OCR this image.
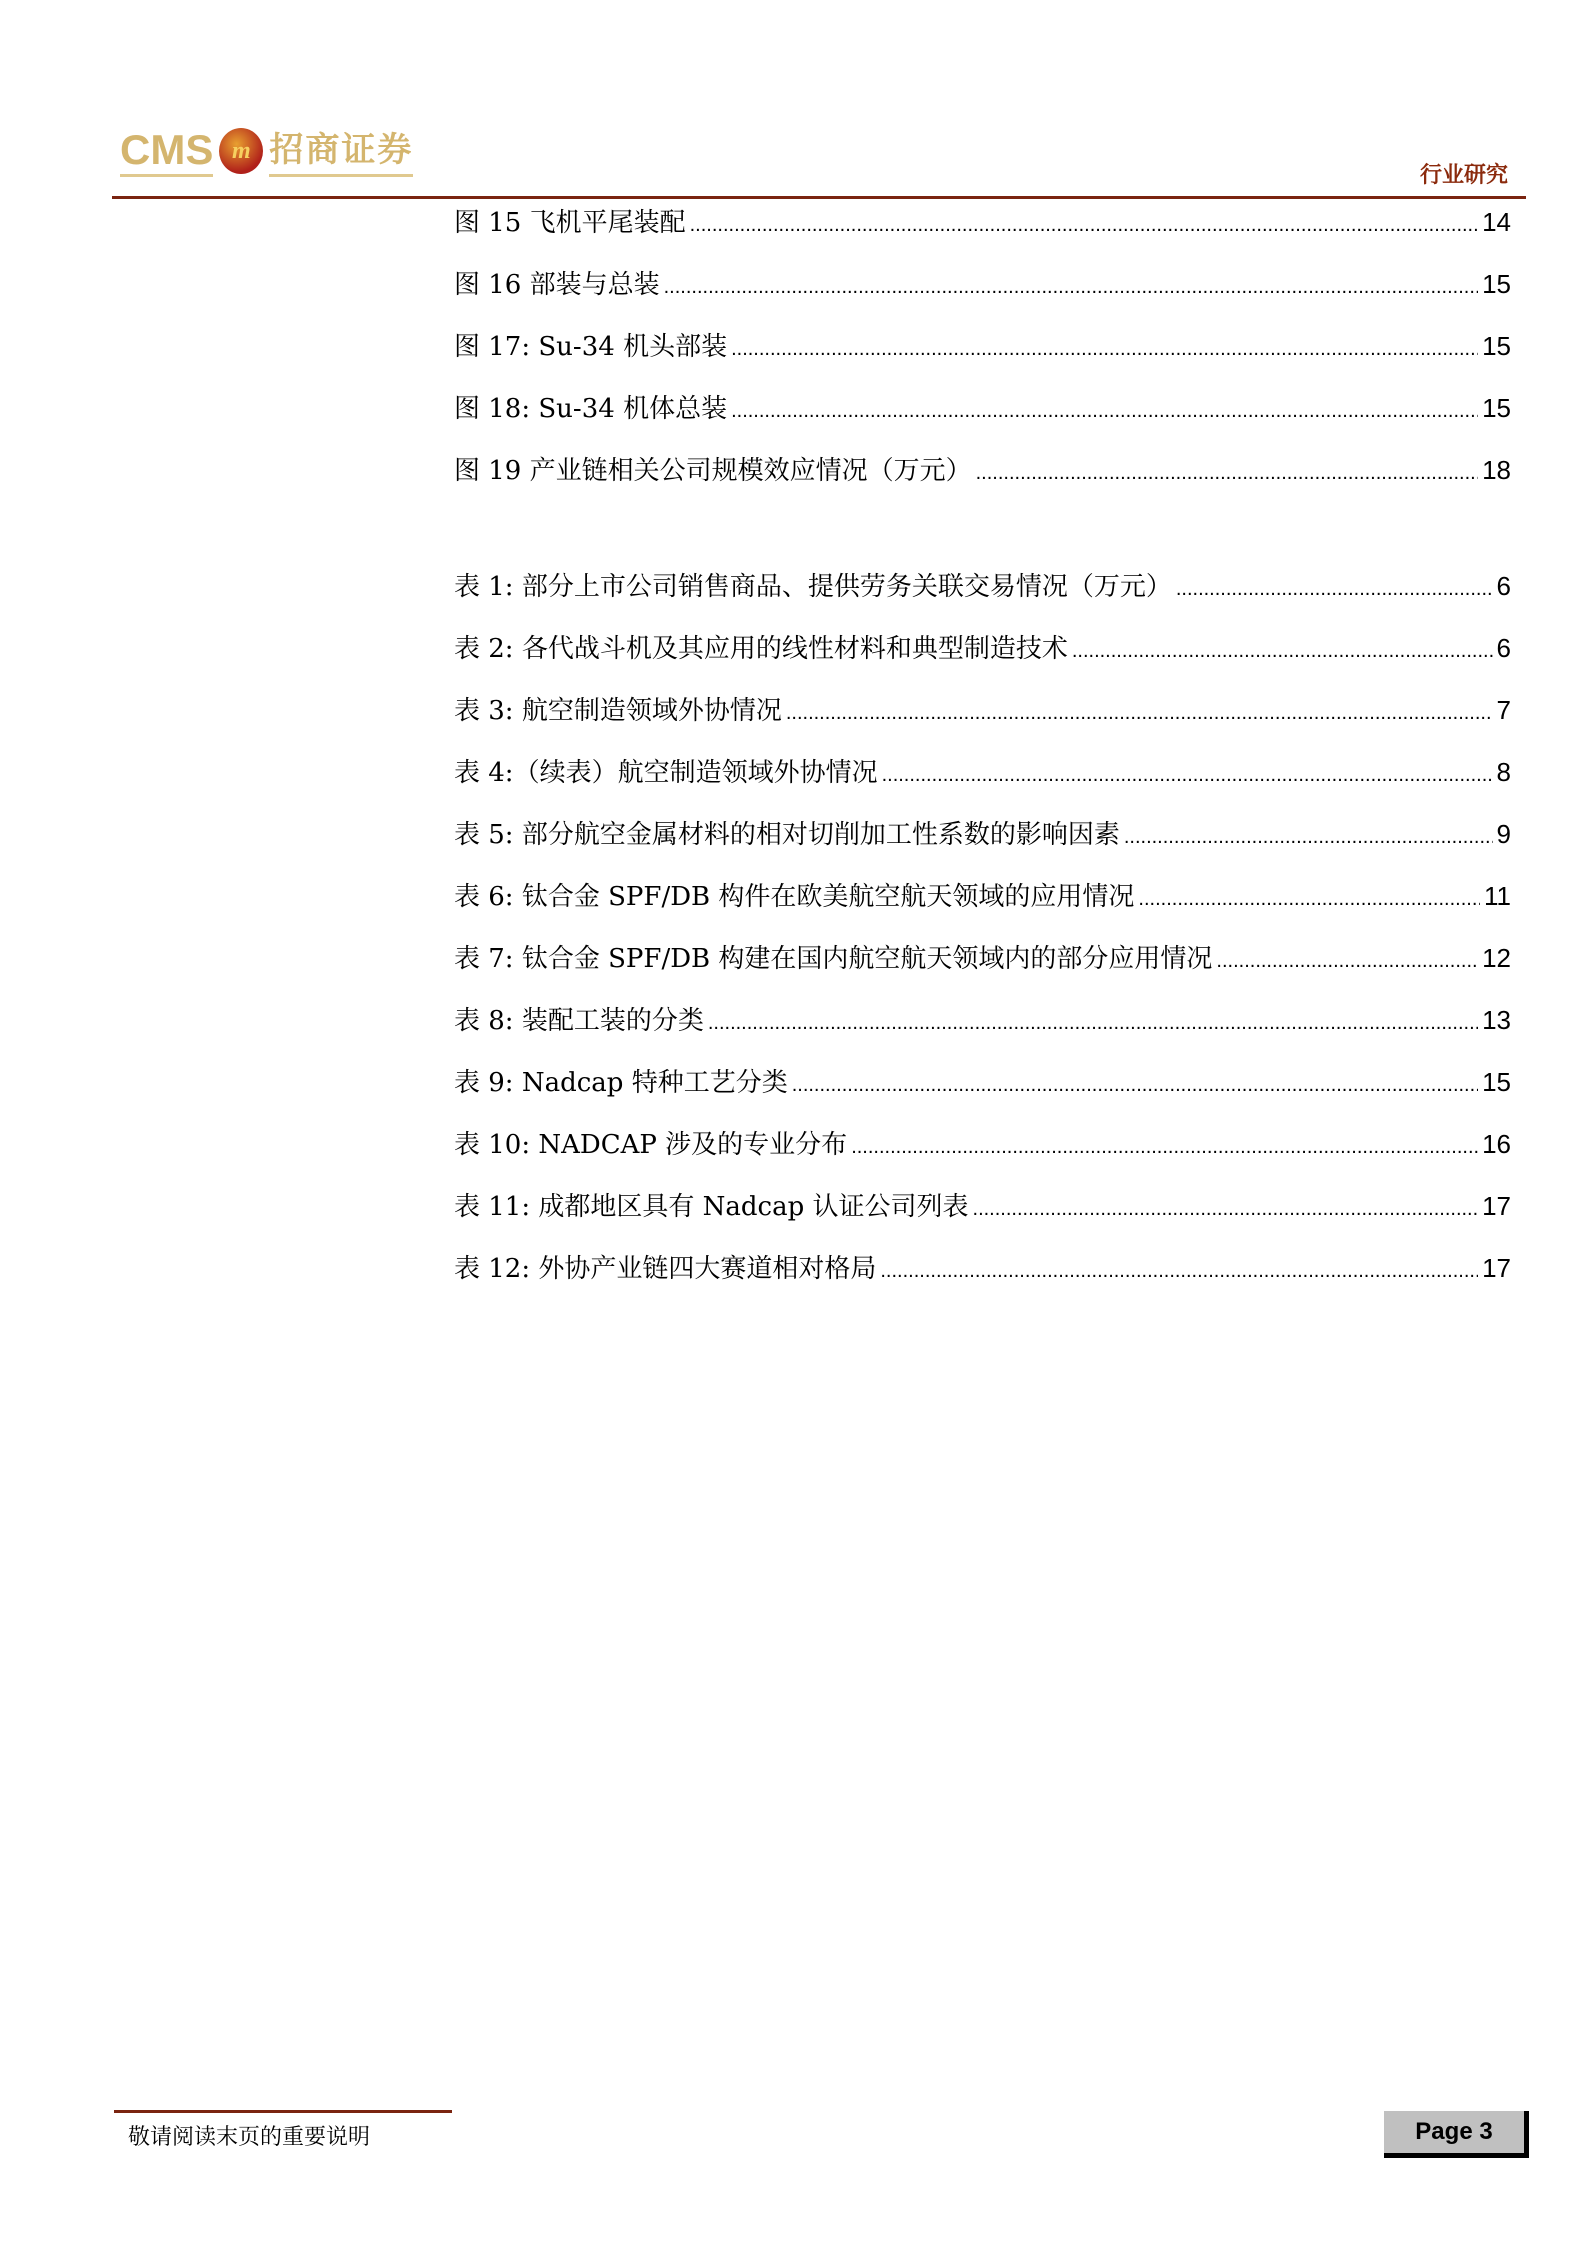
CMS m 招商证券
行业研究
图 15 飞机平尾装配 .....	14
图 16 部装与总装 .....	15
图 17: Su-34 机头部装 .....	15
图 18: Su-34 机体总装 .....	15
图 19 产业链相关公司规模效应情况（万元） .....	18
表 1: 部分上市公司销售商品、提供劳务关联交易情况（万元） .....	6
表 2: 各代战斗机及其应用的线性材料和典型制造技术 .....	6
表 3: 航空制造领域外协情况 .....	7
表 4:（续表）航空制造领域外协情况 .....	8
表 5: 部分航空金属材料的相对切削加工性系数的影响因素 .....	9
表 6: 钛合金 SPF/DB 构件在欧美航空航天领域的应用情况 .....	11
表 7: 钛合金 SPF/DB 构建在国内航空航天领域内的部分应用情况 .....	12
表 8: 装配工装的分类 .....	13
表 9: Nadcap 特种工艺分类 .....	15
表 10: NADCAP 涉及的专业分布 .....	16
表 11: 成都地区具有 Nadcap 认证公司列表 .....	17
表 12: 外协产业链四大赛道相对格局 .....	17
敬请阅读末页的重要说明	Page 3
